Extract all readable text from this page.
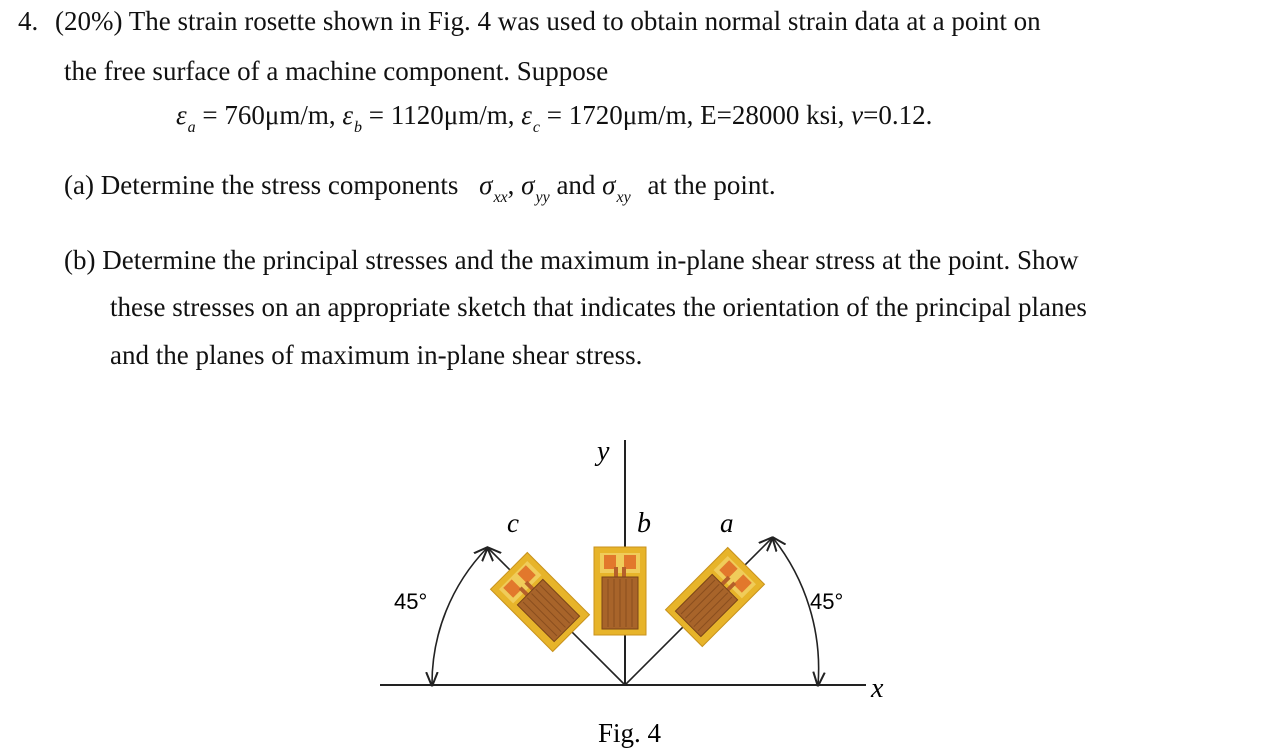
4. (20%) The strain rosette shown in Fig. 4 was used to obtain normal strain data at a point on
the free surface of a machine component. Suppose
$\varepsilon_a = 760\mu m/m$, $\varepsilon_b = 1120\mu m/m$, $\varepsilon_c = 1720\mu m/m$, E=28000 ksi, ν=0.12.
(a) Determine the stress components $\sigma_{xx}$, $\sigma_{yy}$ and $\sigma_{xy}$ at the point.
(b) Determine the principal stresses and the maximum in-plane shear stress at the point. Show
these stresses on an appropriate sketch that indicates the orientation of the principal planes
and the planes of maximum in-plane shear stress.
x
y
c	b	a
45°	45°
Fig. 4
